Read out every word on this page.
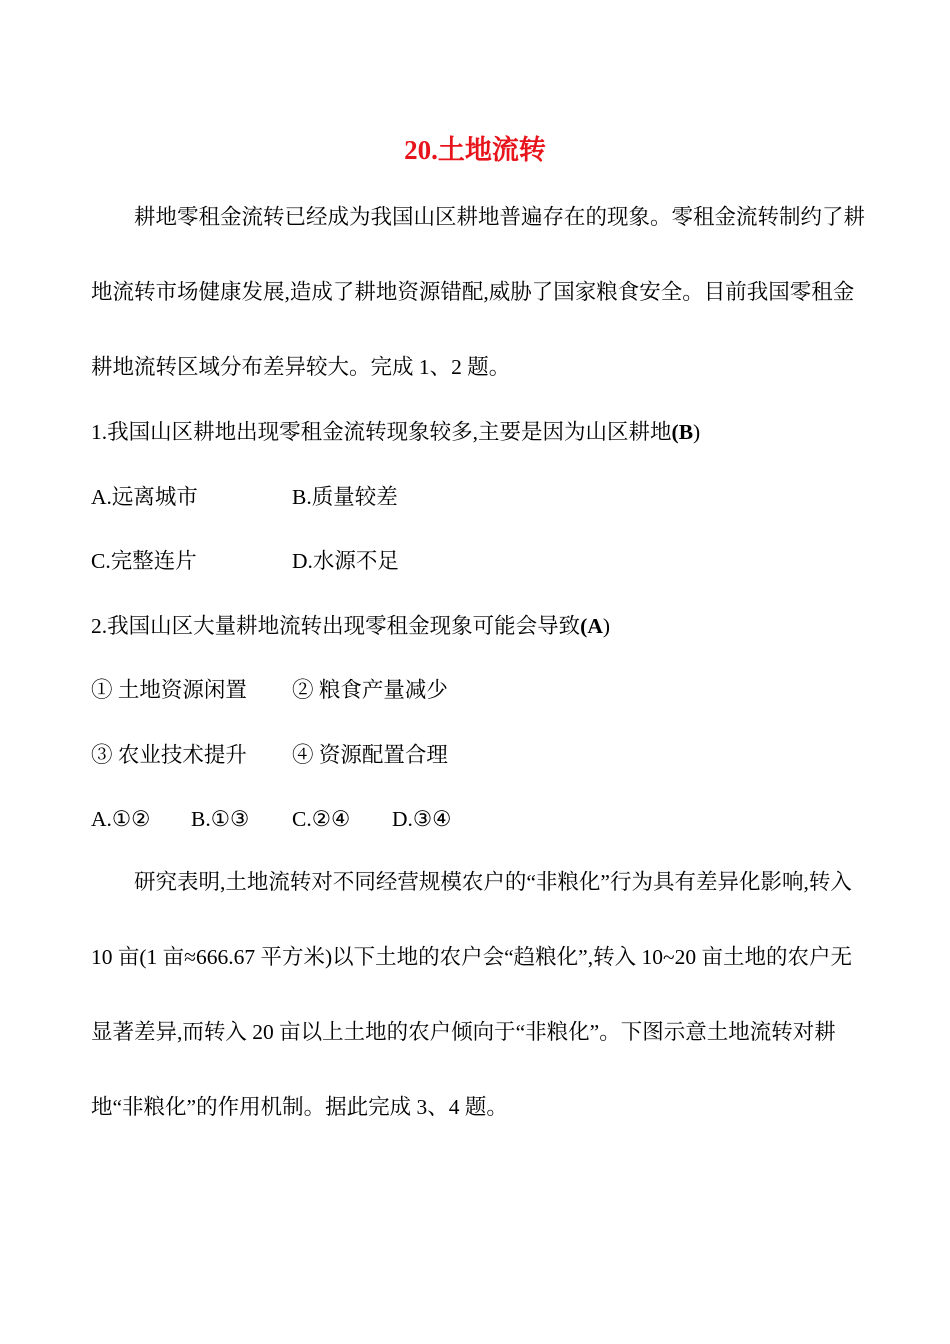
20.土地流转

耕地零租金流转已经成为我国山区耕地普遍存在的现象。零租金流转制约了耕地流转市场健康发展,造成了耕地资源错配,威胁了国家粮食安全。目前我国零租金耕地流转区域分布差异较大。完成 1、2 题。

1.我国山区耕地出现零租金流转现象较多,主要是因为山区耕地(B)
A.远离城市	B.质量较差
C.完整连片	D.水源不足
2.我国山区大量耕地流转出现零租金现象可能会导致(A)
① 土地资源闲置 ② 粮食产量减少
③ 农业技术提升 ④ 资源配置合理
A.①② B.①③ C.②④ D.③④

研究表明,土地流转对不同经营规模农户的“非粮化”行为具有差异化影响,转入 10 亩(1 亩≈666.67 平方米)以下土地的农户会“趋粮化”,转入 10~20 亩土地的农户无显著差异,而转入 20 亩以上土地的农户倾向于“非粮化”。下图示意土地流转对耕地“非粮化”的作用机制。据此完成 3、4 题。
